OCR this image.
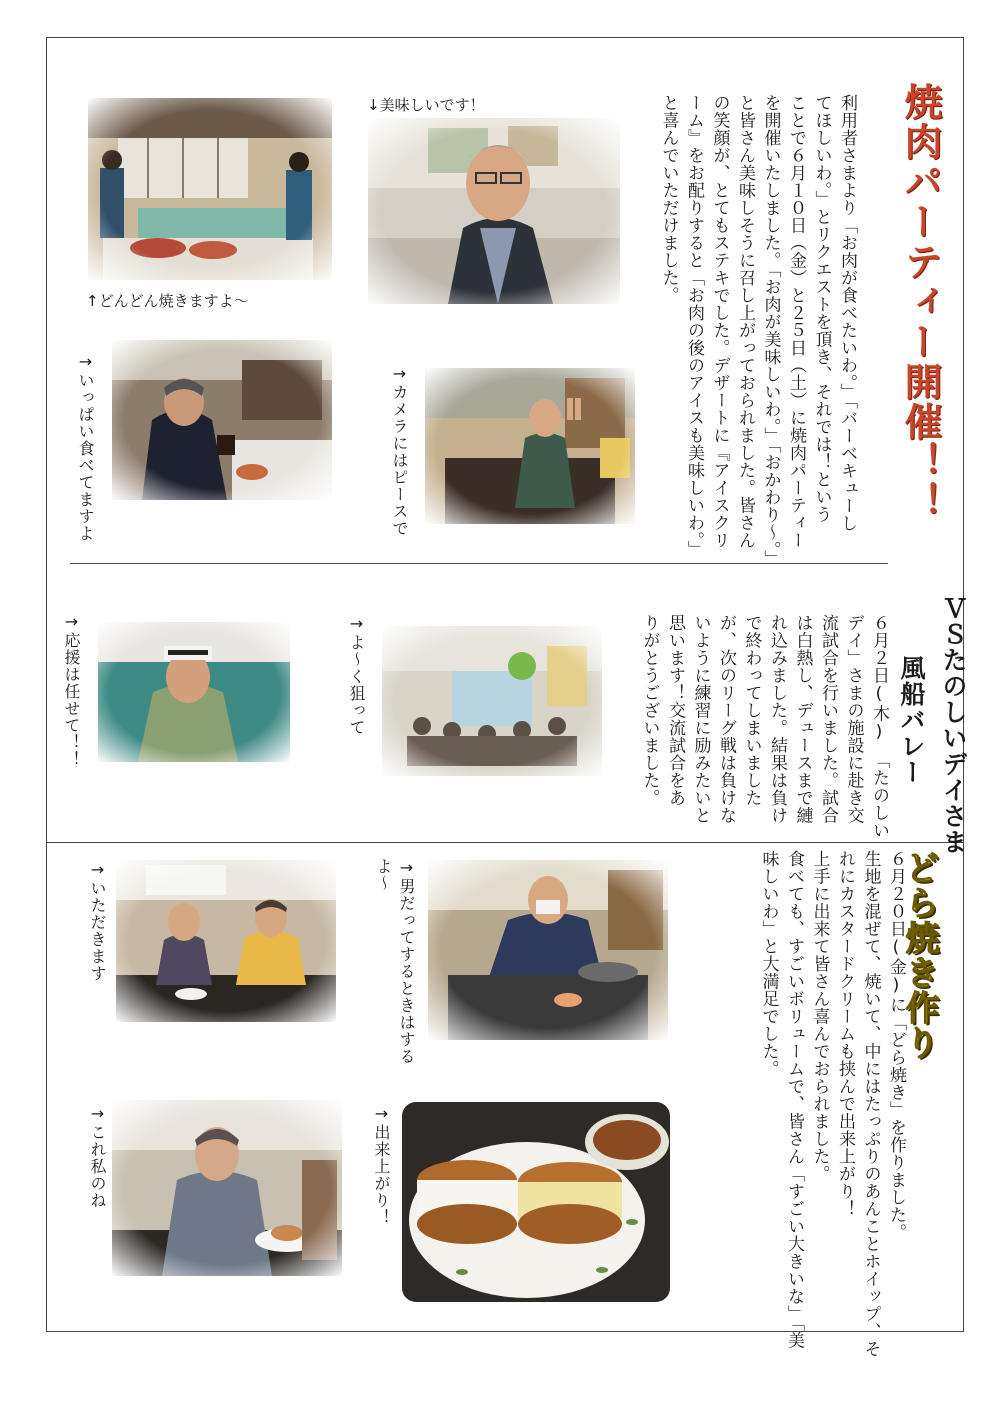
焼肉パーティー開催！！
利用者さまより「お肉が食べたいわ。」「バーベキューし
てほしいわ。」とリクエストを頂き、それでは！という
ことで６月１０日（金）と２５日（土）に焼肉パーティー
を開催いたしました。「お肉が美味しいわ。」「おかわり〜。」
と皆さん美味しそうに召し上がっておられました。皆さん
の笑顔が、とてもステキでした。デザートに『アイスクリ
ーム』をお配りすると「お肉の後のアイスも美味しいわ。」
と喜んでいただけました。
↑どんどん焼きますよ〜
↓美味しいです！
→いっぱい食べてますよ	→カメラにはピースで
ＶＳたのしいデイさま
風船バレー
６月２日(木)　「たのしい
デイ」さまの施設に赴き交
流試合を行いました。試合
は白熱し、デュースまで縺
れ込みました。結果は負け
で終わってしまいました
が、次のリーグ戦は負けな
いように練習に励みたいと
思います！交流試合をあ
りがとうございました。
→応援は任せて！！	→よ〜く狙って
どら焼き作り
６月２０日(金)に「どら焼き」を作りました。
生地を混ぜて、焼いて、中にはたっぷりのあんことホイップ、そ
れにカスタードクリームも挟んで出来上がり！
上手に出来て皆さん喜んでおられました。
食べても、すごいボリュームで、皆さん「すごい大きいな」「美
味しいわ」と大満足でした。
→いただきます	→男だってするときはする
よ〜
→これ私のね	→出来上がり！
